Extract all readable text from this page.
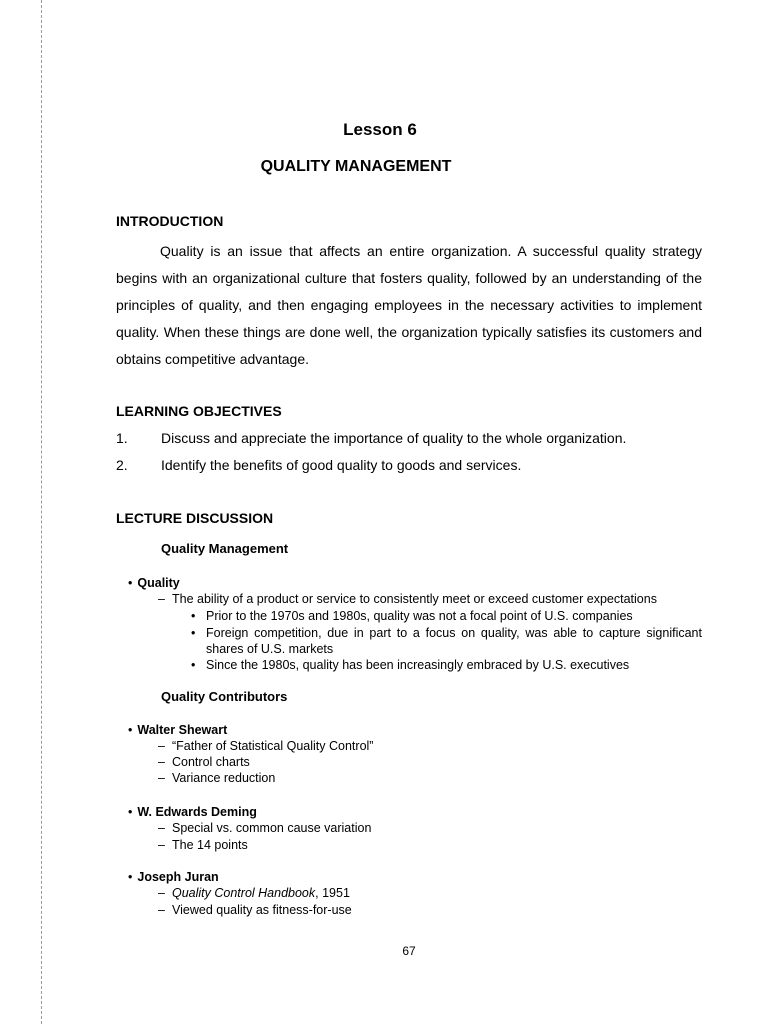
Lesson 6

QUALITY MANAGEMENT

INTRODUCTION

Quality is an issue that affects an entire organization. A successful quality strategy begins with an organizational culture that fosters quality, followed by an understanding of the principles of quality, and then engaging employees in the necessary activities to implement quality. When these things are done well, the organization typically satisfies its customers and obtains competitive advantage.

LEARNING OBJECTIVES

1. Discuss and appreciate the importance of quality to the whole organization.
2. Identify the benefits of good quality to goods and services.

LECTURE DISCUSSION

Quality Management

• Quality

– The ability of a product or service to consistently meet or exceed customer expectations

• Prior to the 1970s and 1980s, quality was not a focal point of U.S. companies
• Foreign competition, due in part to a focus on quality, was able to capture significant shares of U.S. markets
• Since the 1980s, quality has been increasingly embraced by U.S. executives

Quality Contributors

• Walter Shewart

– “Father of Statistical Quality Control”

– Control charts

– Variance reduction

• W. Edwards Deming

– Special vs. common cause variation

– The 14 points

• Joseph Juran

– Quality Control Handbook, 1951

– Viewed quality as fitness-for-use

67
